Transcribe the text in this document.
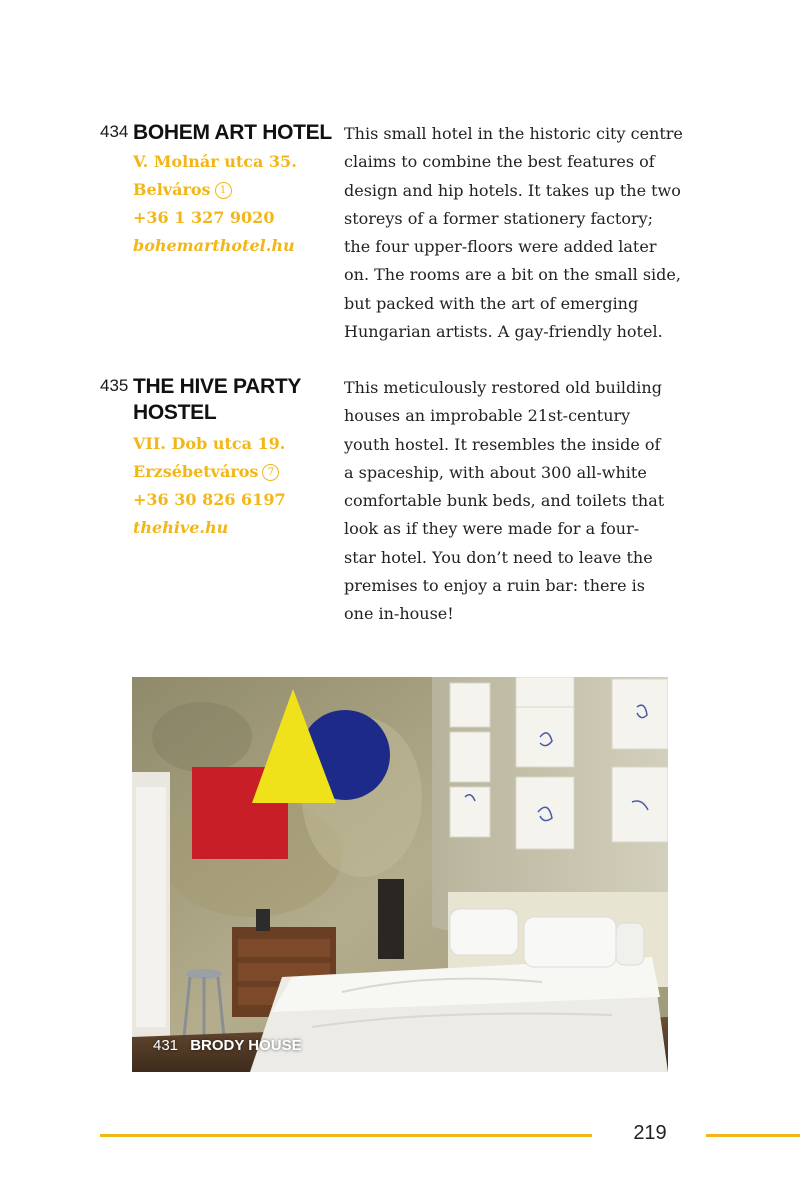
434 BOHEM ART HOTEL
V. Molnár utca 35.
Belváros 1
+36 1 327 9020
bohemarthotel.hu
This small hotel in the historic city centre
claims to combine the best features of
design and hip hotels. It takes up the two
storeys of a former stationery factory;
the four upper-floors were added later
on. The rooms are a bit on the small side,
but packed with the art of emerging
Hungarian artists. A gay-friendly hotel.
435 THE HIVE PARTY
HOSTEL
VII. Dob utca 19.
Erzsébetváros 7
+36 30 826 6197
thehive.hu
This meticulously restored old building
houses an improbable 21st-century
youth hostel. It resembles the inside of
a spaceship, with about 300 all-white
comfortable bunk beds, and toilets that
look as if they were made for a four-
star hotel. You don’t need to leave the
premises to enjoy a ruin bar: there is
one in-house!
431 BRODY HOUSE
219
